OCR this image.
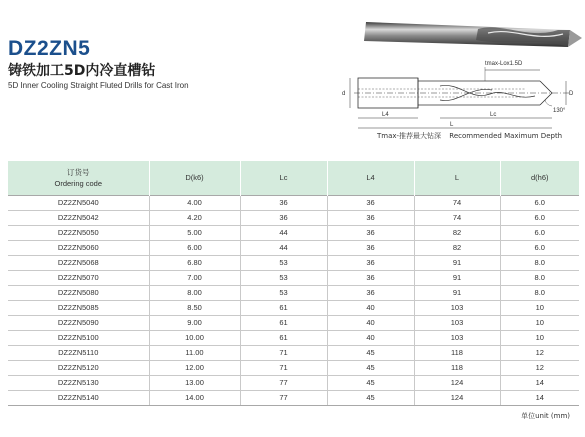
DZ2ZN5
铸铁加工5D内冷直槽钻
5D Inner Cooling Straight Fluted Drills for Cast Iron
D
d
tmax-Lox1.5D
L4	Lc
L
130°
Tmax-推荐最大钻深 Recommended Maximum Depth
订货号
Ordering code	D(k6)	Lc	L4	L	d(h6)
DZ2ZN5040	4.00	36	36	74	6.0
DZ2ZN5042	4.20	36	36	74	6.0
DZ2ZN5050	5.00	44	36	82	6.0
DZ2ZN5060	6.00	44	36	82	6.0
DZ2ZN5068	6.80	53	36	91	8.0
DZ2ZN5070	7.00	53	36	91	8.0
DZ2ZN5080	8.00	53	36	91	8.0
DZ2ZN5085	8.50	61	40	103	10
DZ2ZN5090	9.00	61	40	103	10
DZ2ZN5100	10.00	61	40	103	10
DZ2ZN5110	11.00	71	45	118	12
DZ2ZN5120	12.00	71	45	118	12
DZ2ZN5130	13.00	77	45	124	14
DZ2ZN5140	14.00	77	45	124	14
单位unit (mm)
